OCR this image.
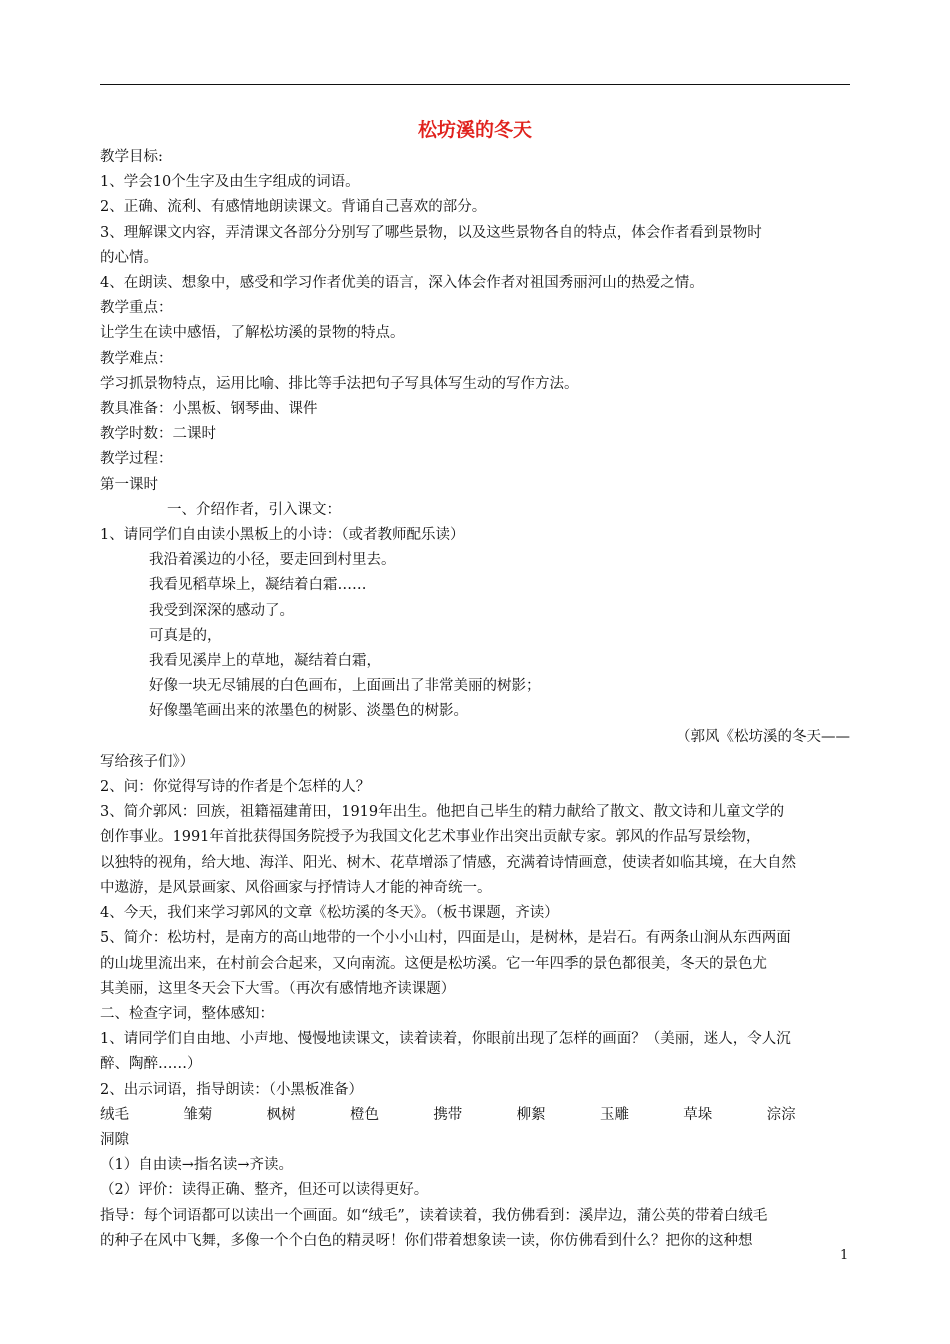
松坊溪的冬天

教学目标:

1、学会10个生字及由生字组成的词语。

2、正确、流利、有感情地朗读课文。背诵自己喜欢的部分。

3、理解课文内容，弄清课文各部分分别写了哪些景物，以及这些景物各自的特点，体会作者看到景物时

的心情。

4、在朗读、想象中，感受和学习作者优美的语言，深入体会作者对祖国秀丽河山的热爱之情。

教学重点：

让学生在读中感悟，了解松坊溪的景物的特点。

教学难点：

学习抓景物特点，运用比喻、排比等手法把句子写具体写生动的写作方法。

教具准备：小黑板、钢琴曲、课件

教学时数：二课时

教学过程：

第一课时

一、介绍作者，引入课文：

1、请同学们自由读小黑板上的小诗：（或者教师配乐读）

我沿着溪边的小径，要走回到村里去。

我看见稻草垛上，凝结着白霜……

我受到深深的感动了。

可真是的，

我看见溪岸上的草地，凝结着白霜，

好像一块无尽铺展的白色画布，上面画出了非常美丽的树影；

好像墨笔画出来的浓墨色的树影、淡墨色的树影。

（郭风《松坊溪的冬天——

写给孩子们》）

2、问：你觉得写诗的作者是个怎样的人？

3、简介郭风：回族，祖籍福建莆田，1919年出生。他把自己毕生的精力献给了散文、散文诗和儿童文学的

创作事业。1991年首批获得国务院授予为我国文化艺术事业作出突出贡献专家。郭风的作品写景绘物，

以独特的视角，给大地、海洋、阳光、树木、花草增添了情感，充满着诗情画意，使读者如临其境，在大自然

中遨游，是风景画家、风俗画家与抒情诗人才能的神奇统一。

4、今天，我们来学习郭风的文章《松坊溪的冬天》。（板书课题，齐读）

5、简介：松坊村，是南方的高山地带的一个小小山村，四面是山，是树林，是岩石。有两条山涧从东西两面

的山垅里流出来，在村前会合起来，又向南流。这便是松坊溪。它一年四季的景色都很美，冬天的景色尤

其美丽，这里冬天会下大雪。（再次有感情地齐读课题）

二、检查字词，整体感知：

1、请同学们自由地、小声地、慢慢地读课文，读着读着，你眼前出现了怎样的画面？（美丽，迷人，令人沉

醉、陶醉……）

2、出示词语，指导朗读：（小黑板准备）

绒毛	雏菊	枫树	橙色	携带	柳絮	玉雕	草垛	淙淙

洞隙

（1）自由读→指名读→齐读。

（2）评价：读得正确、整齐，但还可以读得更好。

指导：每个词语都可以读出一个画面。如“绒毛”，读着读着，我仿佛看到：溪岸边，蒲公英的带着白绒毛

的种子在风中飞舞，多像一个个白色的精灵呀！你们带着想象读一读，你仿佛看到什么？把你的这种想

1
